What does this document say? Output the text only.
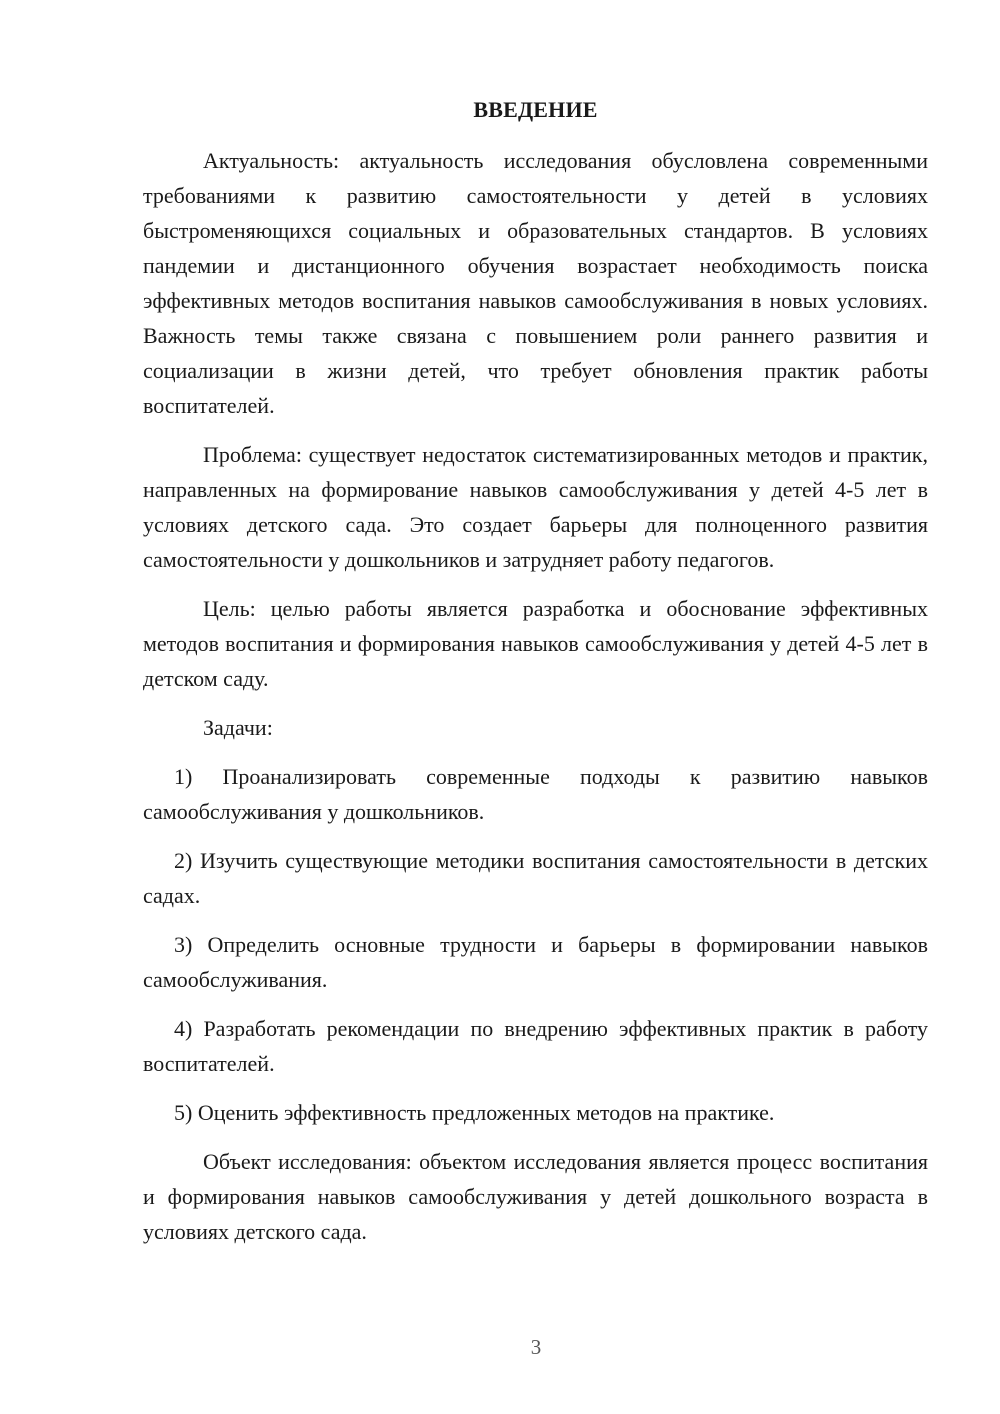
ВВЕДЕНИЕ

Актуальность: актуальность исследования обусловлена современными требованиями к развитию самостоятельности у детей в условиях быстроменяющихся социальных и образовательных стандартов. В условиях пандемии и дистанционного обучения возрастает необходимость поиска эффективных методов воспитания навыков самообслуживания в новых условиях. Важность темы также связана с повышением роли раннего развития и социализации в жизни детей, что требует обновления практик работы воспитателей.

Проблема: существует недостаток систематизированных методов и практик, направленных на формирование навыков самообслуживания у детей 4-5 лет в условиях детского сада. Это создает барьеры для полноценного развития самостоятельности у дошкольников и затрудняет работу педагогов.

Цель: целью работы является разработка и обоснование эффективных методов воспитания и формирования навыков самообслуживания у детей 4-5 лет в детском саду.

Задачи:

1) Проанализировать современные подходы к развитию навыков самообслуживания у дошкольников.
2) Изучить существующие методики воспитания самостоятельности в детских садах.
3) Определить основные трудности и барьеры в формировании навыков самообслуживания.
4) Разработать рекомендации по внедрению эффективных практик в работу воспитателей.
5) Оценить эффективность предложенных методов на практике.

Объект исследования: объектом исследования является процесс воспитания и формирования навыков самообслуживания у детей дошкольного возраста в условиях детского сада.

3
